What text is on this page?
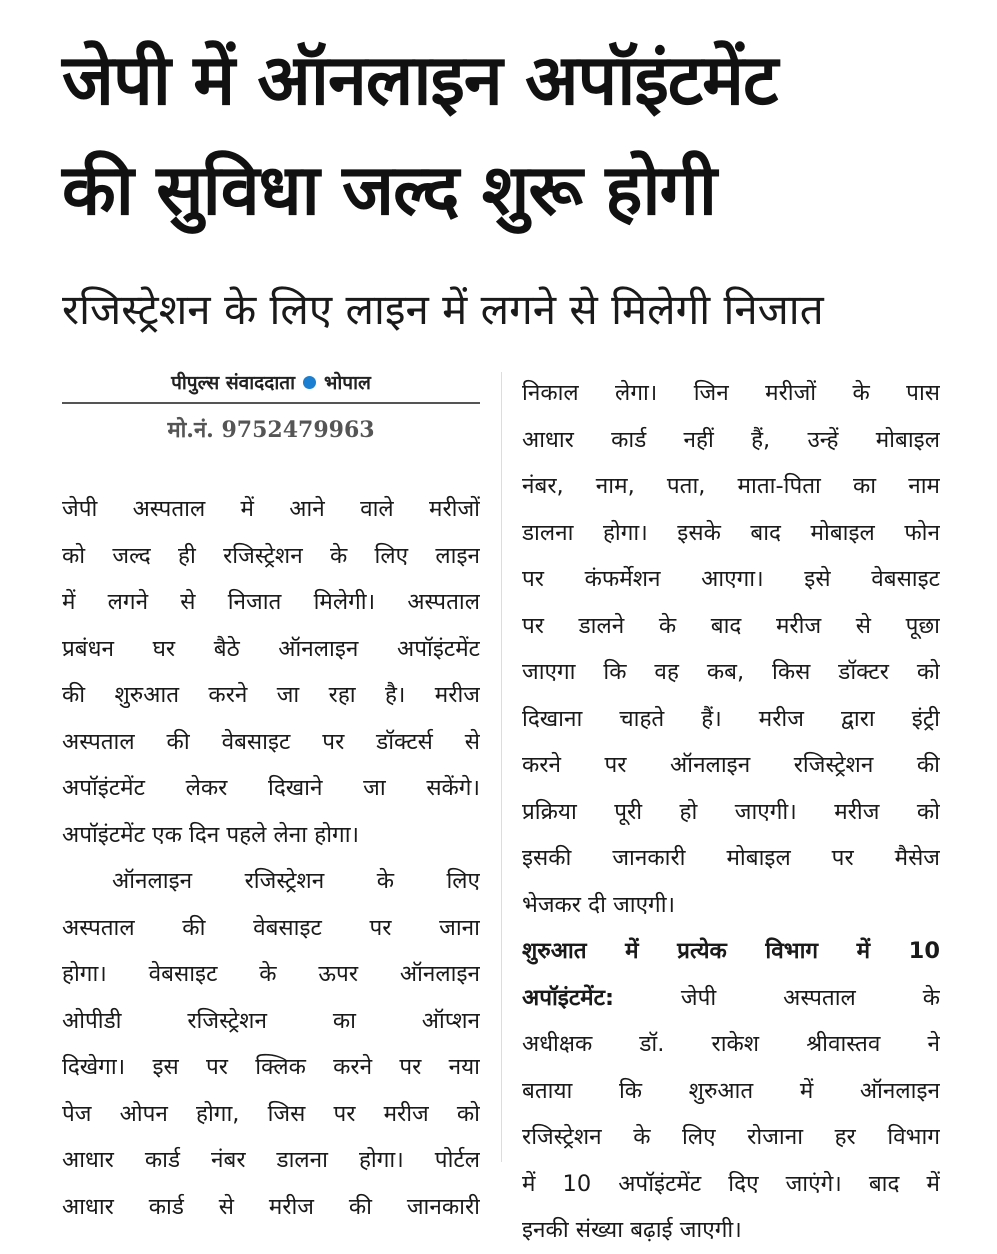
जेपी में ऑनलाइन अपॉइंटमेंट
की सुविधा जल्द शुरू होगी
रजिस्ट्रेशन के लिए लाइन में लगने से मिलेगी निजात
पीपुल्स संवाददाता भोपाल
मो.नं. 9752479963
जेपी अस्पताल में आने वाले मरीजों
को जल्द ही रजिस्ट्रेशन के लिए लाइन
में लगने से निजात मिलेगी। अस्पताल
प्रबंधन घर बैठे ऑनलाइन अपॉइंटमेंट
की शुरुआत करने जा रहा है। मरीज
अस्पताल की वेबसाइट पर डॉक्टर्स से
अपॉइंटमेंट लेकर दिखाने जा सकेंगे।
अपॉइंटमेंट एक दिन पहले लेना होगा।
ऑनलाइन रजिस्ट्रेशन के लिए
अस्पताल की वेबसाइट पर जाना
होगा। वेबसाइट के ऊपर ऑनलाइन
ओपीडी रजिस्ट्रेशन का ऑप्शन
दिखेगा। इस पर क्लिक करने पर नया
पेज ओपन होगा, जिस पर मरीज को
आधार कार्ड नंबर डालना होगा। पोर्टल
आधार कार्ड से मरीज की जानकारी
निकाल लेगा। जिन मरीजों के पास
आधार कार्ड नहीं हैं, उन्हें मोबाइल
नंबर, नाम, पता, माता-पिता का नाम
डालना होगा। इसके बाद मोबाइल फोन
पर कंफर्मेशन आएगा। इसे वेबसाइट
पर डालने के बाद मरीज से पूछा
जाएगा कि वह कब, किस डॉक्टर को
दिखाना चाहते हैं। मरीज द्वारा इंट्री
करने पर ऑनलाइन रजिस्ट्रेशन की
प्रक्रिया पूरी हो जाएगी। मरीज को
इसकी जानकारी मोबाइल पर मैसेज
भेजकर दी जाएगी।
शुरुआत में प्रत्येक विभाग में 10
अपॉइंटमेंट:	जेपी अस्पताल के
अधीक्षक डॉ. राकेश श्रीवास्तव ने
बताया कि शुरुआत में ऑनलाइन
रजिस्ट्रेशन के लिए रोजाना हर विभाग
में 10 अपॉइंटमेंट दिए जाएंगे। बाद में
इनकी संख्या बढ़ाई जाएगी।
